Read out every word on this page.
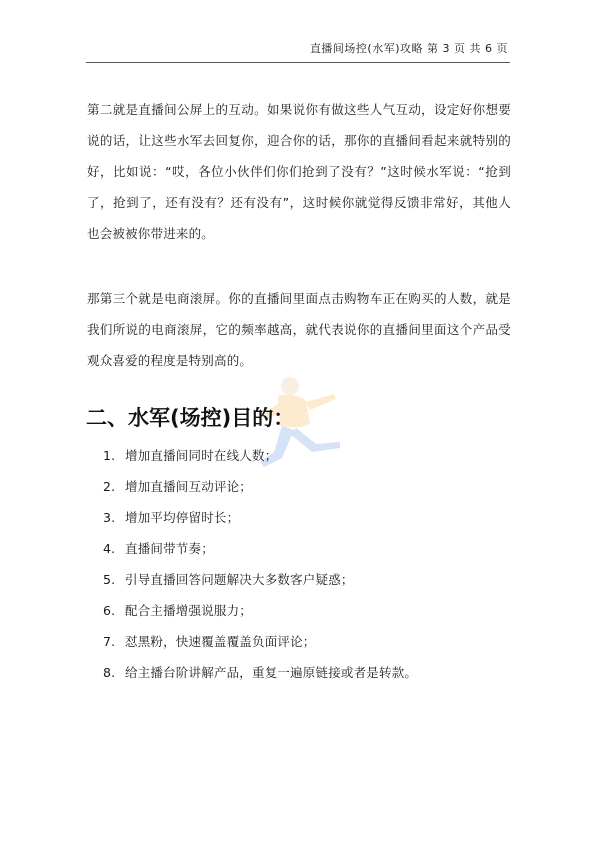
直播间场控(水军)攻略 第 3 页 共 6 页

第二就是直播间公屏上的互动。如果说你有做这些人气互动，设定好你想要说的话，让这些水军去回复你，迎合你的话，那你的直播间看起来就特别的好，比如说：“哎，各位小伙伴们你们抢到了没有？”这时候水军说：“抢到了，抢到了，还有没有？还有没有”，这时候你就觉得反馈非常好，其他人也会被被你带进来的。

那第三个就是电商滚屏。你的直播间里面点击购物车正在购买的人数，就是我们所说的电商滚屏，它的频率越高，就代表说你的直播间里面这个产品受观众喜爱的程度是特别高的。

二、水军(场控)目的：
1. 增加直播间同时在线人数；
2. 增加直播间互动评论；
3. 增加平均停留时长；
4. 直播间带节奏；
5. 引导直播回答问题解决大多数客户疑惑；
6. 配合主播增强说服力；
7. 怼黑粉，快速覆盖覆盖负面评论；
8. 给主播台阶讲解产品，重复一遍原链接或者是转款。
